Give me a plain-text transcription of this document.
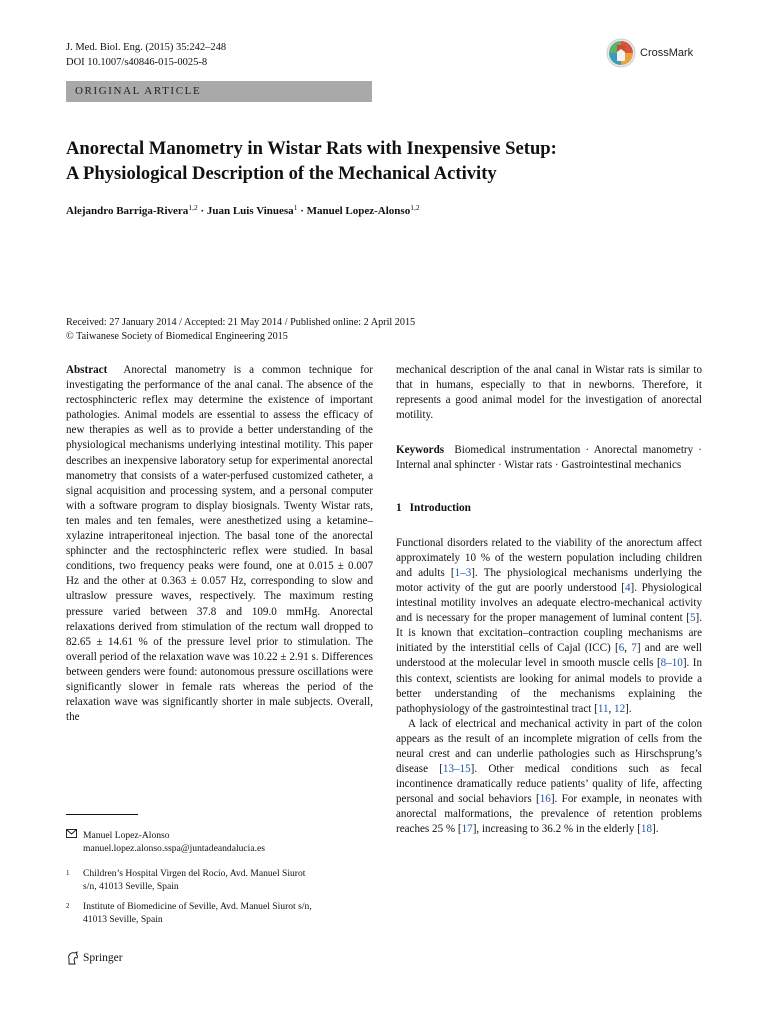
J. Med. Biol. Eng. (2015) 35:242–248
DOI 10.1007/s40846-015-0025-8
CrossMark
ORIGINAL ARTICLE
Anorectal Manometry in Wistar Rats with Inexpensive Setup:
A Physiological Description of the Mechanical Activity
Alejandro Barriga-Rivera$^{1,2}$ · Juan Luis Vinuesa$^1$ · Manuel Lopez-Alonso$^{1,2}$
Received: 27 January 2014 / Accepted: 21 May 2014 / Published online: 2 April 2015
© Taiwanese Society of Biomedical Engineering 2015

Abstract Anorectal manometry is a common technique for investigating the performance of the anal canal. The absence of the rectosphincteric reflex may determine the existence of important pathologies. Animal models are essential to assess the efficacy of new therapies as well as to provide a better understanding of the physiological mechanisms underlying intestinal motility. This paper describes an inexpensive laboratory setup for experimental anorectal manometry that consists of a water-perfused customized catheter, a signal acquisition and processing system, and a personal computer with a software program to display biosignals. Twenty Wistar rats, ten males and ten females, were anesthetized using a ketamine–xylazine intraperitoneal injection. The basal tone of the anorectal sphincter and the rectosphincteric reflex were studied. In basal conditions, two frequency peaks were found, one at 0.015 ± 0.007 Hz and the other at 0.363 ± 0.057 Hz, corresponding to slow and ultraslow pressure waves, respectively. The maximum resting pressure varied between 37.8 and 109.0 mmHg. Anorectal relaxations derived from stimulation of the rectum wall dropped to 82.65 ± 14.61 % of the pressure level prior to stimulation. The overall period of the relaxation wave was 10.22 ± 2.91 s. Differences between genders were found: autonomous pressure oscillations were significantly slower in female rats whereas the period of the relaxation wave was significantly shorter in male subjects. Overall, the

Manuel Lopez-Alonso
manuel.lopez.alonso.sspa@juntadeandalucia.es
1	Children’s Hospital Virgen del Rocío, Avd. Manuel Siurot
s/n, 41013 Seville, Spain
2	Institute of Biomedicine of Seville, Avd. Manuel Siurot s/n,
41013 Seville, Spain
Springer

mechanical description of the anal canal in Wistar rats is similar to that in humans, especially to that in newborns. Therefore, it represents a good animal model for the investigation of anorectal motility.

Keywords Biomedical instrumentation · Anorectal manometry · Internal anal sphincter · Wistar rats · Gastrointestinal mechanics

1 Introduction

Functional disorders related to the viability of the anorectum affect approximately 10 % of the western population including children and adults [1–3]. The physiological mechanisms underlying the motor activity of the gut are poorly understood [4]. Physiological intestinal motility involves an adequate electro-mechanical activity and is necessary for the proper management of luminal content [5]. It is known that excitation–contraction coupling mechanisms are initiated by the interstitial cells of Cajal (ICC) [6, 7] and are well understood at the molecular level in smooth muscle cells [8–10]. In this context, scientists are looking for animal models to provide a better understanding of the mechanisms explaining the pathophysiology of the gastrointestinal tract [11, 12].

A lack of electrical and mechanical activity in part of the colon appears as the result of an incomplete migration of cells from the neural crest and can underlie pathologies such as Hirschsprung’s disease [13–15]. Other medical conditions such as fecal incontinence dramatically reduce patients’ quality of life, affecting personal and social behaviors [16]. For example, in neonates with anorectal malformations, the prevalence of retention problems reaches 25 % [17], increasing to 36.2 % in the elderly [18].
